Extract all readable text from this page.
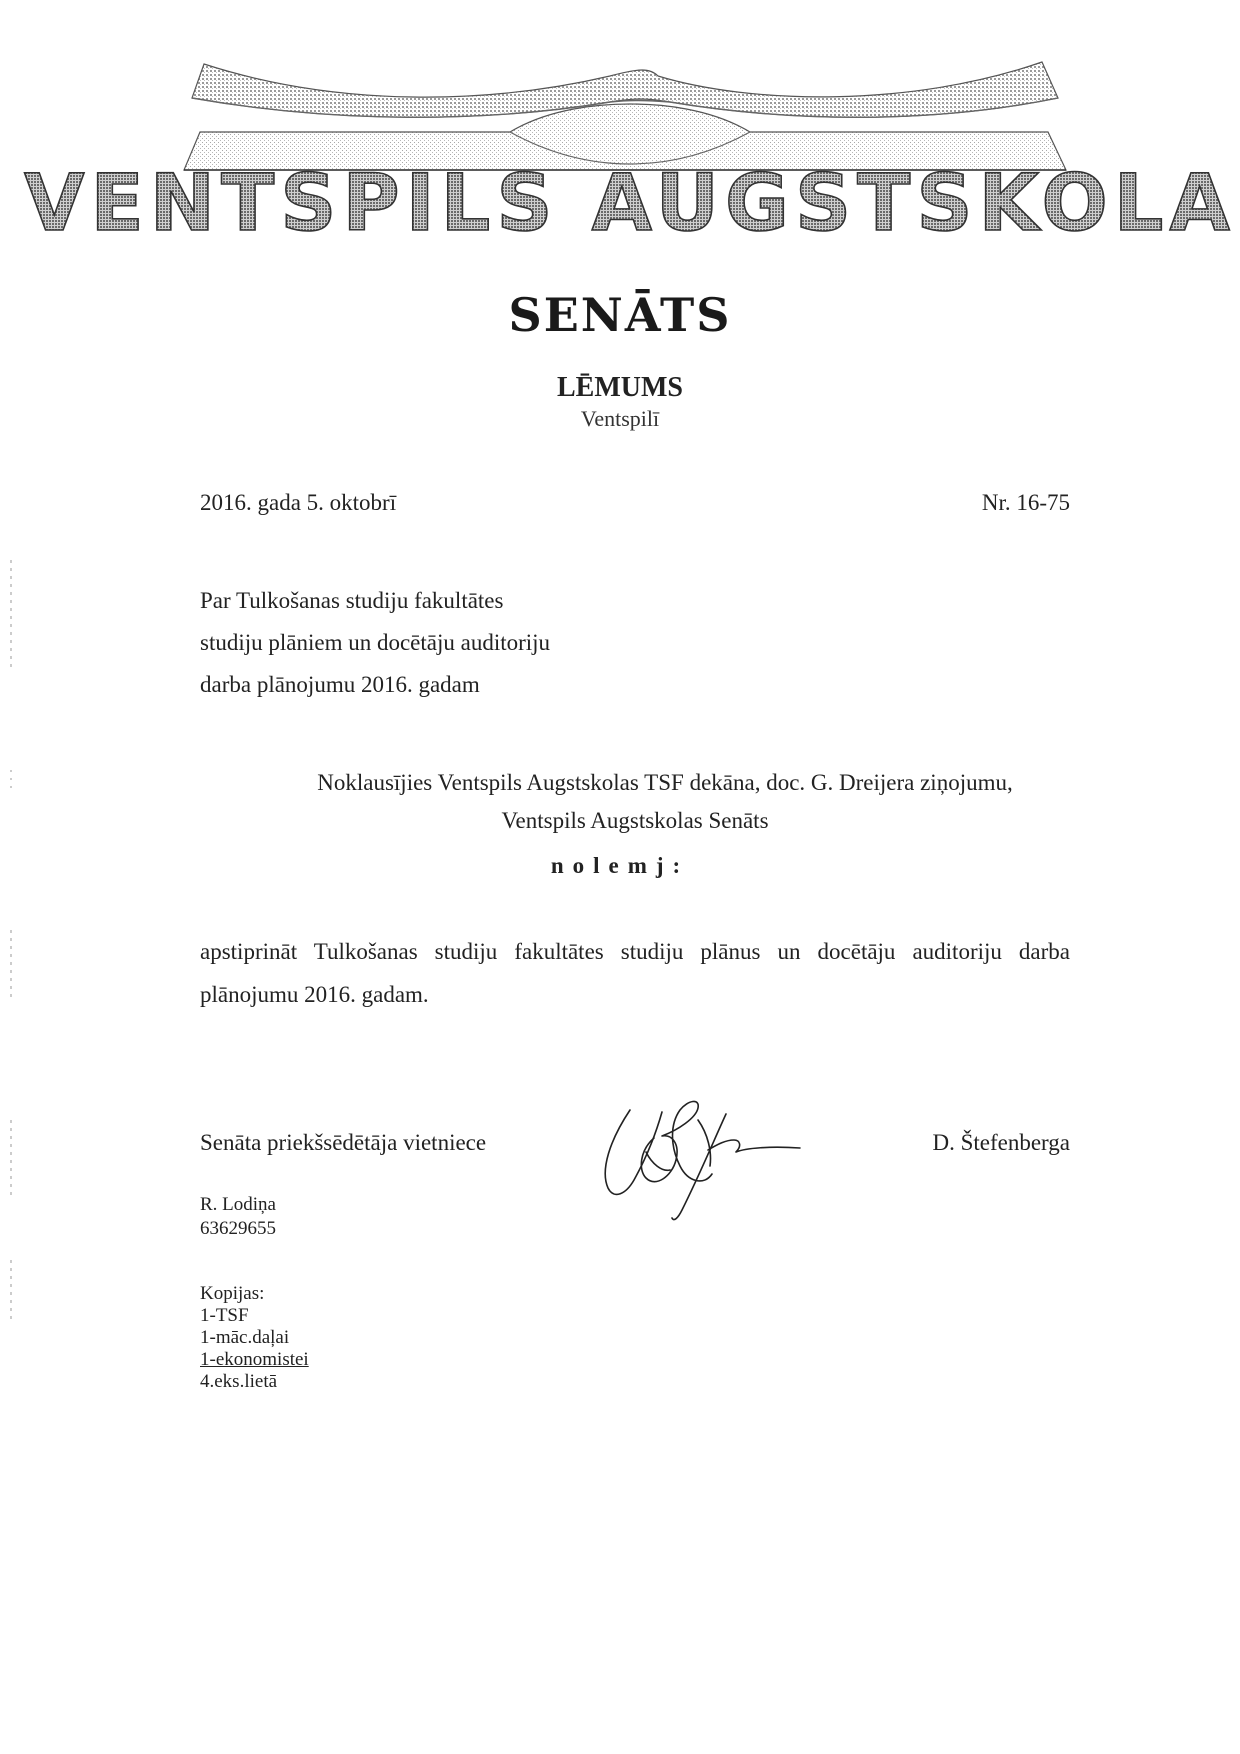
VENTSPILS AUGSTSKOLA
SENĀTS
LĒMUMS
Ventspilī
2016. gada 5. oktobrī	Nr. 16-75
Par Tulkošanas studiju fakultātes
studiju plāniem un docētāju auditoriju
darba plānojumu 2016. gadam
Noklausījies Ventspils Augstskolas TSF dekāna, doc. G. Dreijera ziņojumu,
Ventspils Augstskolas Senāts
nolemj:
apstiprināt Tulkošanas studiju fakultātes studiju plānus un docētāju auditoriju darba plānojumu 2016. gadam.
Senāta priekšsēdētāja vietniece	D. Štefenberga
R. Lodiņa
63629655
Kopijas:
1-TSF
1-māc.daļai
1-ekonomistei
4.eks.lietā
